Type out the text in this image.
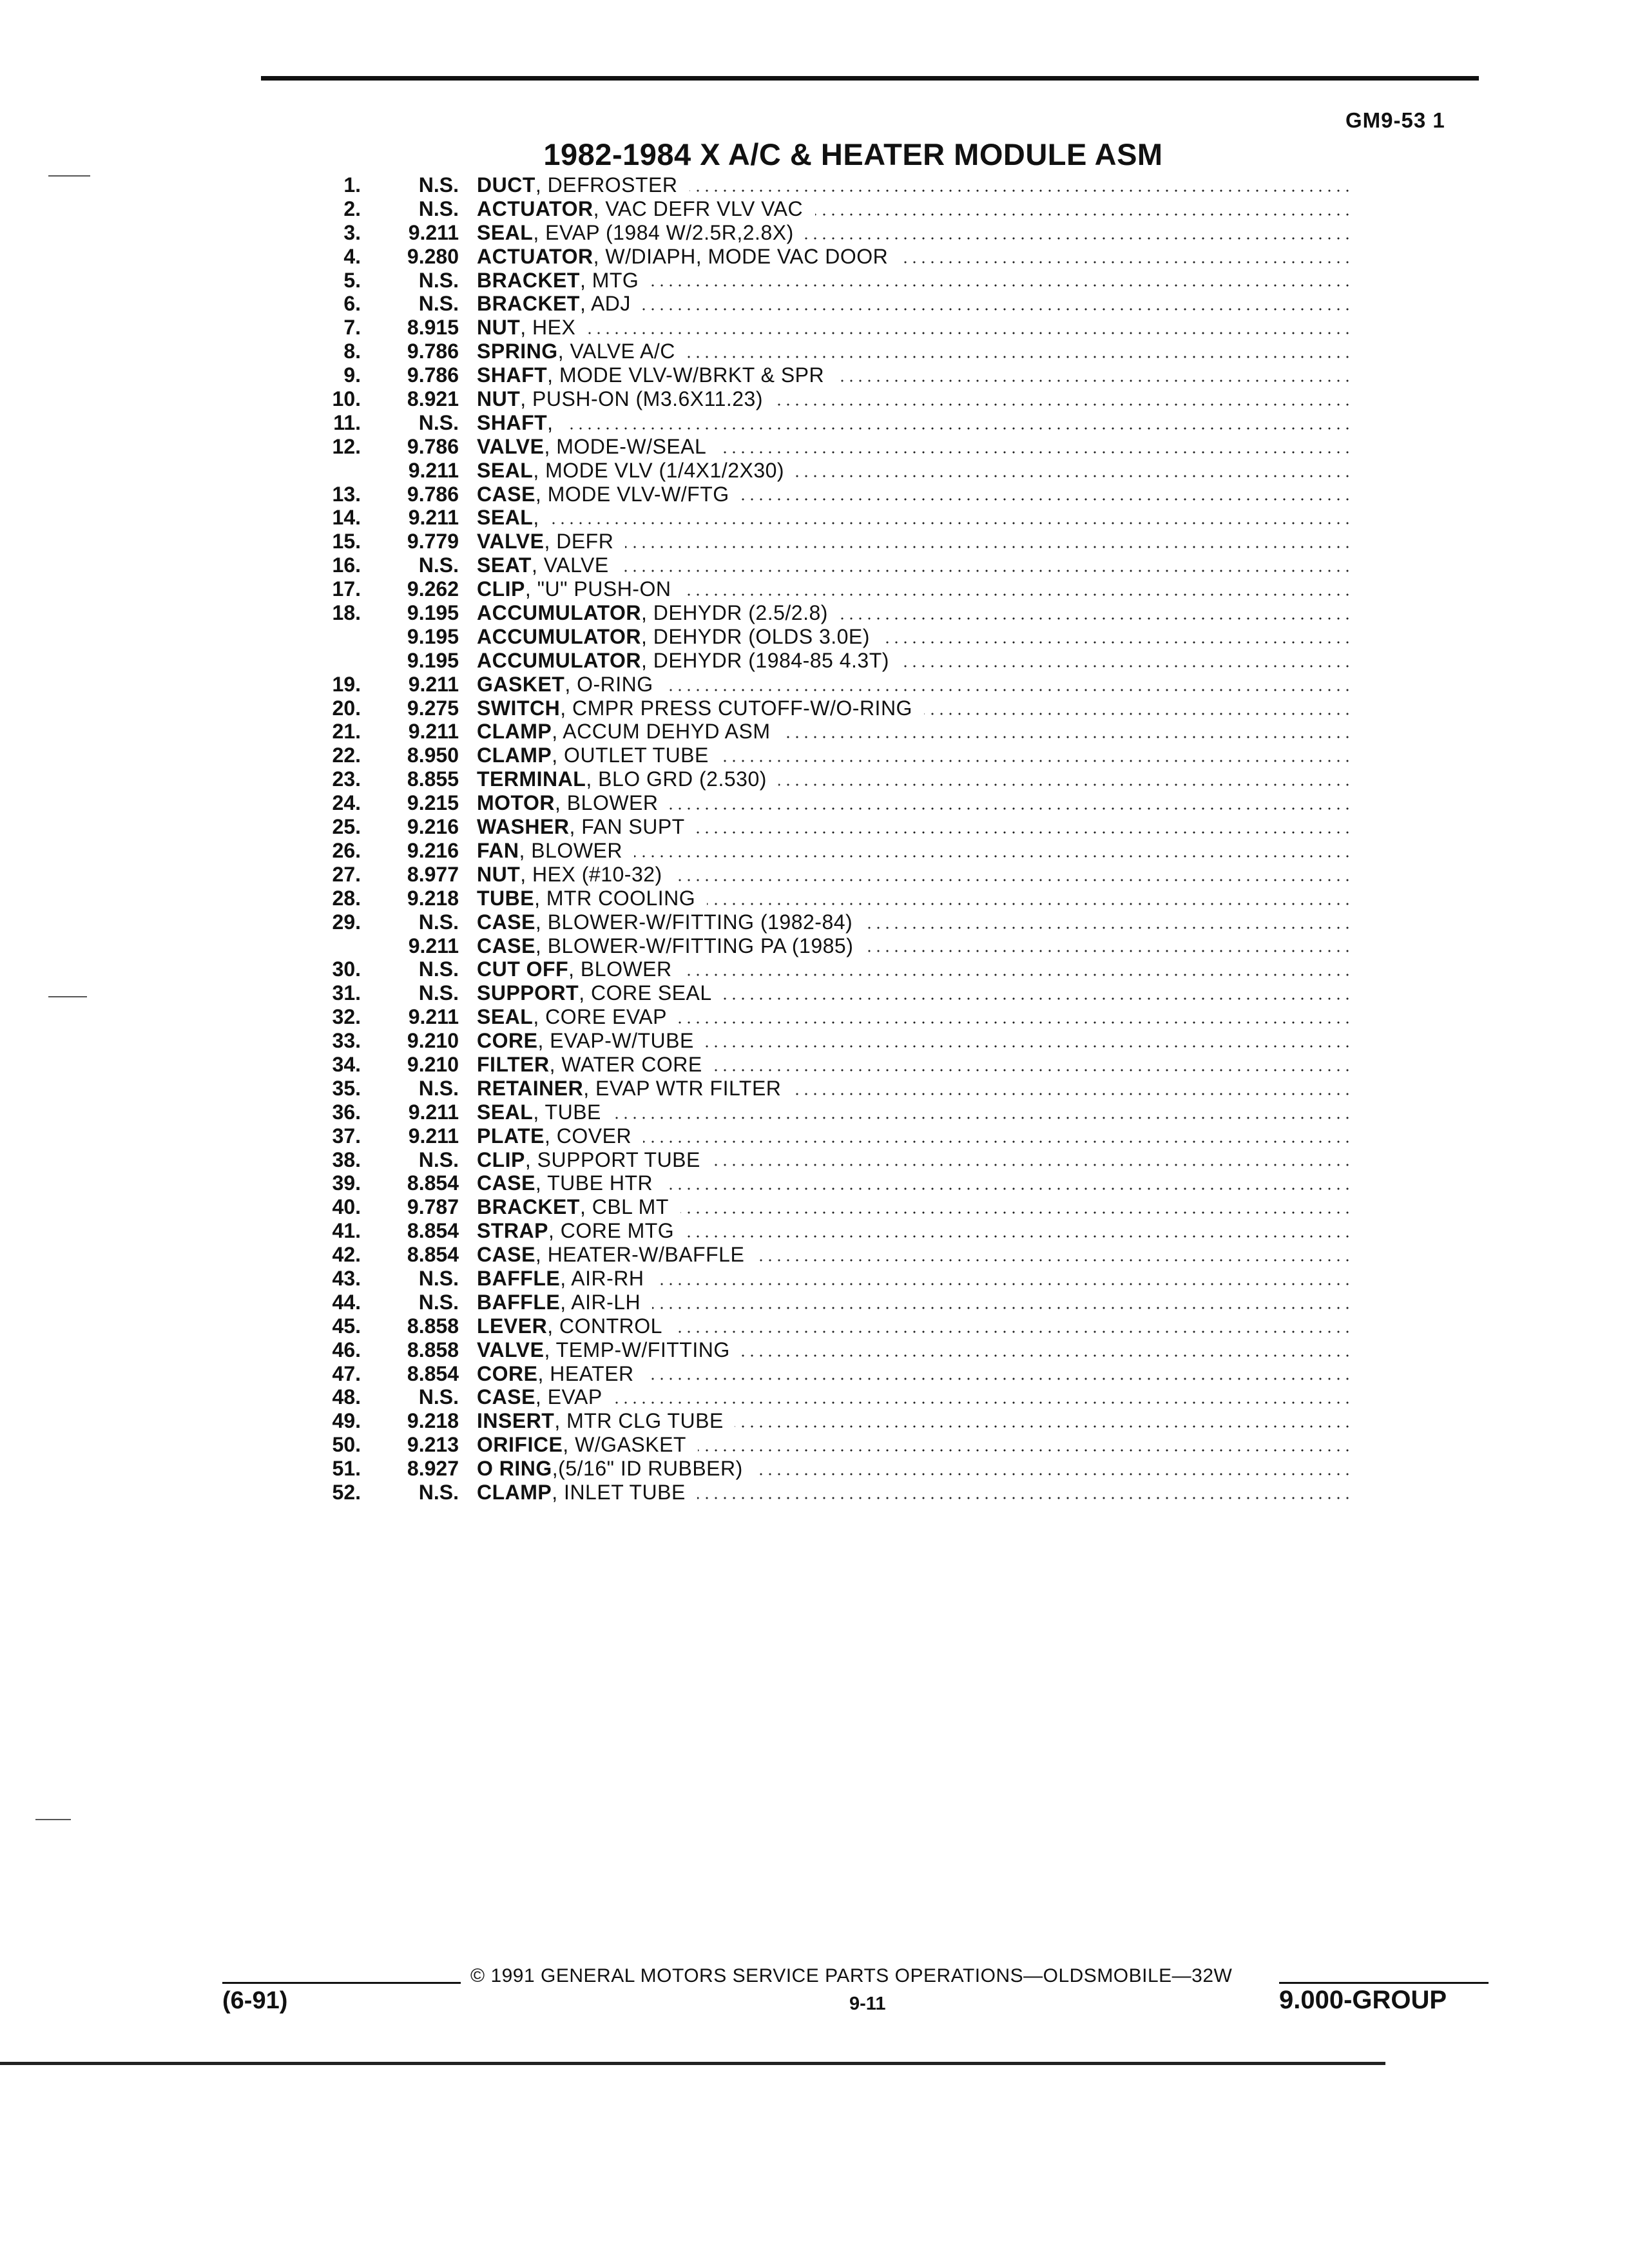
GM9-53 1
1982-1984 X A/C & HEATER MODULE ASM
1.	N.S. DUCT, DEFROSTER
2.	N.S. ACTUATOR, VAC DEFR VLV VAC
3.	9.211 SEAL, EVAP (1984 W/2.5R,2.8X)
4.	9.280 ACTUATOR, W/DIAPH, MODE VAC DOOR
5.	N.S. BRACKET, MTG
6.	N.S. BRACKET, ADJ
7.	8.915 NUT, HEX
8.	9.786 SPRING, VALVE A/C
9.	9.786 SHAFT, MODE VLV-W/BRKT & SPR
10.	8.921 NUT, PUSH-ON (M3.6X11.23)
11.	N.S. SHAFT,
12.	9.786 VALVE, MODE-W/SEAL
9.211 SEAL, MODE VLV (1/4X1/2X30)
13.	9.786 CASE, MODE VLV-W/FTG
14.	9.211 SEAL,
15.	9.779 VALVE, DEFR
16.	N.S. SEAT, VALVE
17.	9.262 CLIP, "U" PUSH-ON
18.	9.195 ACCUMULATOR, DEHYDR (2.5/2.8)
9.195 ACCUMULATOR, DEHYDR (OLDS 3.0E)
9.195 ACCUMULATOR, DEHYDR (1984-85 4.3T)
19.	9.211 GASKET, O-RING
20.	9.275 SWITCH, CMPR PRESS CUTOFF-W/O-RING
21.	9.211 CLAMP, ACCUM DEHYD ASM
22.	8.950 CLAMP, OUTLET TUBE
23.	8.855 TERMINAL, BLO GRD (2.530)
24.	9.215 MOTOR, BLOWER
25.	9.216 WASHER, FAN SUPT
26.	9.216 FAN, BLOWER
27.	8.977 NUT, HEX (#10-32)
28.	9.218 TUBE, MTR COOLING
29.	N.S. CASE, BLOWER-W/FITTING (1982-84)
9.211 CASE, BLOWER-W/FITTING PA (1985)
30.	N.S. CUT OFF, BLOWER
31.	N.S. SUPPORT, CORE SEAL
32.	9.211 SEAL, CORE EVAP
33.	9.210 CORE, EVAP-W/TUBE
34.	9.210 FILTER, WATER CORE
35.	N.S. RETAINER, EVAP WTR FILTER
36.	9.211 SEAL, TUBE
37.	9.211 PLATE, COVER
38.	N.S. CLIP, SUPPORT TUBE
39.	8.854 CASE, TUBE HTR
40.	9.787 BRACKET, CBL MT
41.	8.854 STRAP, CORE MTG
42.	8.854 CASE, HEATER-W/BAFFLE
43.	N.S. BAFFLE, AIR-RH
44.	N.S. BAFFLE, AIR-LH
45.	8.858 LEVER, CONTROL
46.	8.858 VALVE, TEMP-W/FITTING
47.	8.854 CORE, HEATER
48.	N.S. CASE, EVAP
49.	9.218 INSERT, MTR CLG TUBE
50.	9.213 ORIFICE, W/GASKET
51.	8.927 O RING,(5/16" ID RUBBER)
52.	N.S. CLAMP, INLET TUBE
© 1991 GENERAL MOTORS SERVICE PARTS OPERATIONS—OLDSMOBILE—32W
(6-91)	9-11	9.000-GROUP
